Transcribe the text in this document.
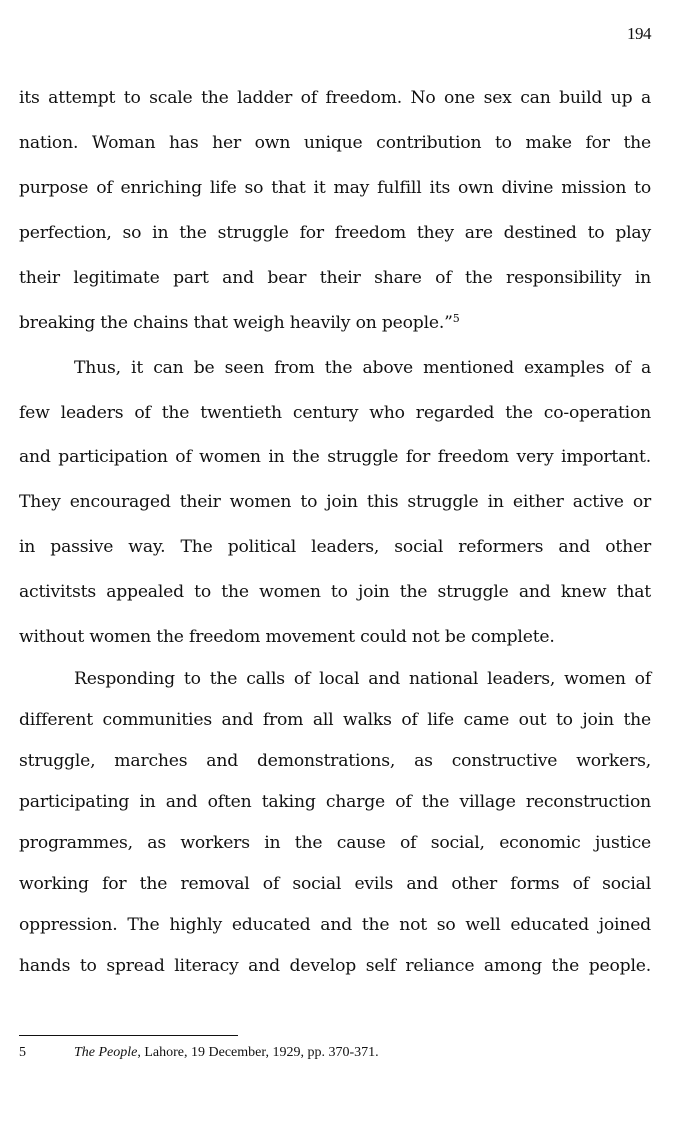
194
its attempt to scale the ladder of freedom. No one sex can build up a
nation. Woman has her own unique contribution to make for the
purpose of enriching life so that it may fulfill its own divine mission to
perfection, so in the struggle for freedom they are destined to play
their legitimate part and bear their share of the responsibility in
breaking the chains that weigh heavily on people.”$^5$
Thus, it can be seen from the above mentioned examples of a
few leaders of the twentieth century who regarded the co-operation
and participation of women in the struggle for freedom very important.
They encouraged their women to join this struggle in either active or
in passive way. The political leaders, social reformers and other
activitsts appealed to the women to join the struggle and knew that
without women the freedom movement could not be complete.
Responding to the calls of local and national leaders, women of
different communities and from all walks of life came out to join the
struggle, marches and demonstrations, as constructive workers,
participating in and often taking charge of the village reconstruction
programmes, as workers in the cause of social, economic justice
working for the removal of social evils and other forms of social
oppression. The highly educated and the not so well educated joined
hands to spread literacy and develop self reliance among the people.
5	The People, Lahore, 19 December, 1929, pp. 370-371.
